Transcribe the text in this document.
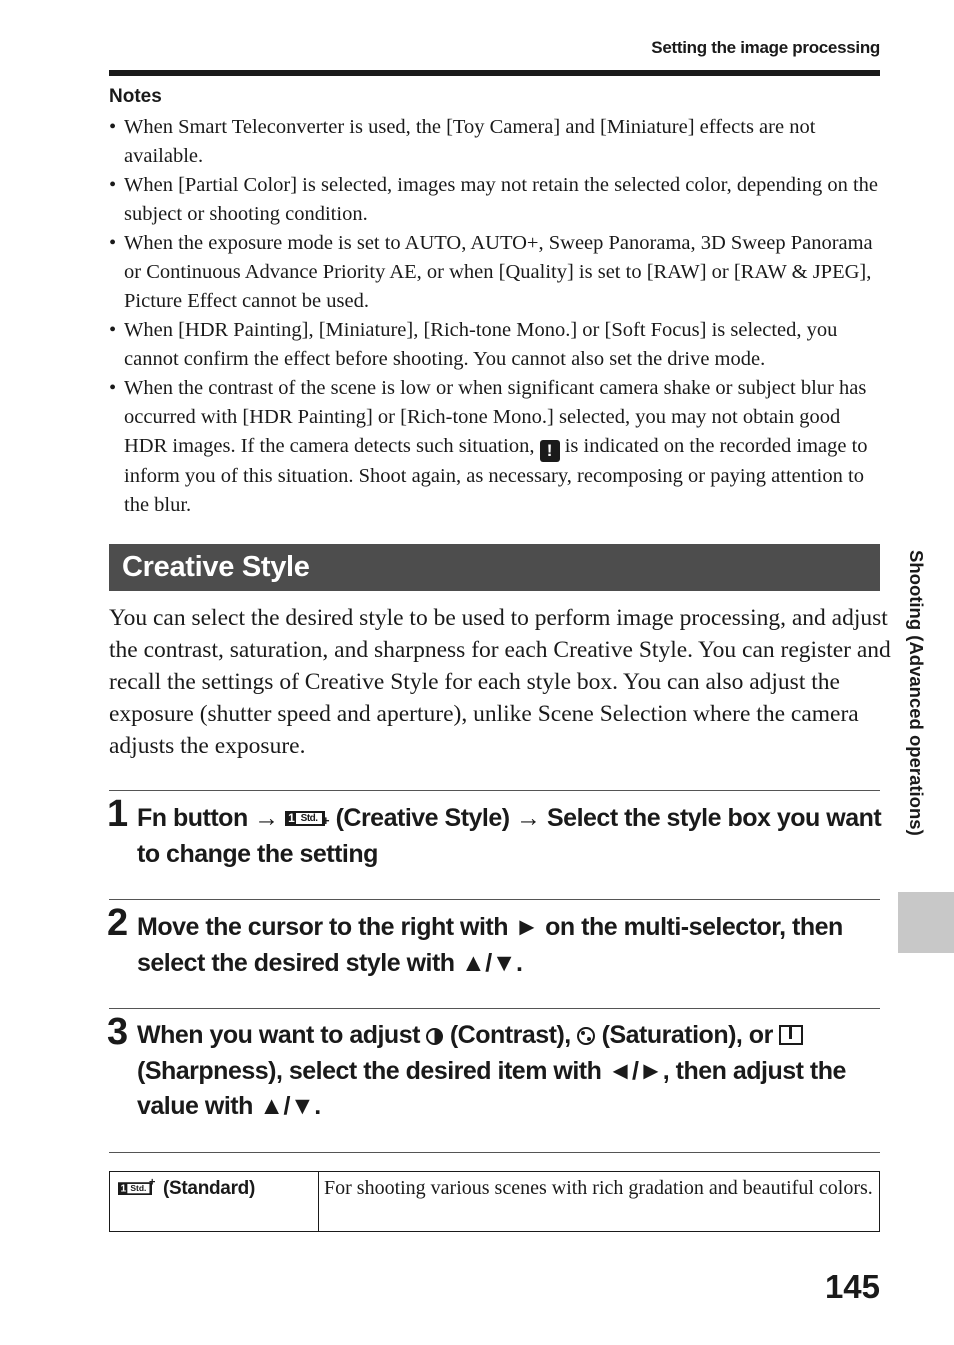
Setting the image processing
Notes
• When Smart Teleconverter is used, the [Toy Camera] and [Miniature] effects are not available.
• When [Partial Color] is selected, images may not retain the selected color, depending on the subject or shooting condition.
• When the exposure mode is set to AUTO, AUTO+, Sweep Panorama, 3D Sweep Panorama or Continuous Advance Priority AE, or when [Quality] is set to [RAW] or [RAW & JPEG], Picture Effect cannot be used.
• When [HDR Painting], [Miniature], [Rich-tone Mono.] or [Soft Focus] is selected, you cannot confirm the effect before shooting. You cannot also set the drive mode.
• When the contrast of the scene is low or when significant camera shake or subject blur has occurred with [HDR Painting] or [Rich-tone Mono.] selected, you may not obtain good HDR images. If the camera detects such situation, ! is indicated on the recorded image to inform you of this situation. Shoot again, as necessary, recomposing or paying attention to the blur.
Creative Style
You can select the desired style to be used to perform image processing, and adjust the contrast, saturation, and sharpness for each Creative Style. You can register and recall the settings of Creative Style for each style box. You can also adjust the exposure (shutter speed and aperture), unlike Scene Selection where the camera adjusts the exposure.
1 Fn button → 1 Std. + (Creative Style) → Select the style box you want to change the setting
2 Move the cursor to the right with ► on the multi-selector, then select the desired style with ▲/▼.
3 When you want to adjust (Contrast), (Saturation), or  (Sharpness), select the desired item with ◄/►, then adjust the value with ▲/▼.
1 Std.
+ (Standard)	For shooting various scenes with rich gradation and beautiful colors.
Shooting (Advanced operations)
145
